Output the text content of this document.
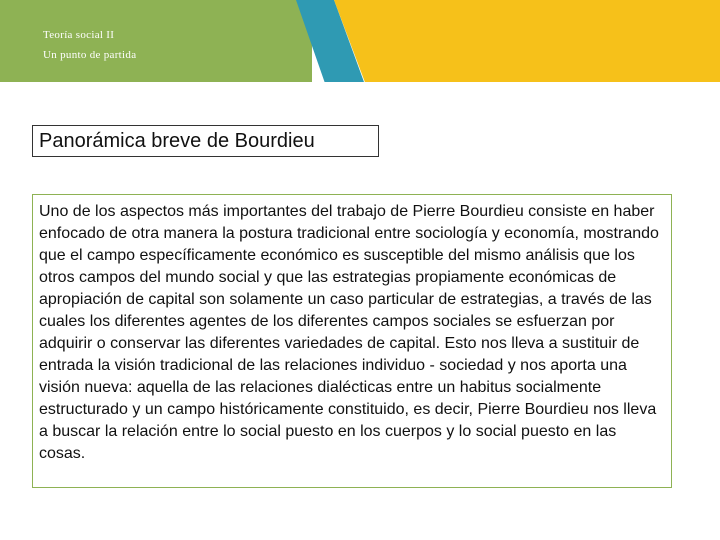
Teoría social II

Un punto de partida

Panorámica breve de Bourdieu

Uno de los aspectos más importantes del trabajo de Pierre Bourdieu consiste en haber enfocado de otra manera la postura tradicional entre sociología y economía, mostrando que el campo específicamente económico es susceptible del mismo análisis que los otros campos del mundo social y que las estrategias propiamente económicas de apropiación de capital son solamente un caso particular de estrategias, a través de las cuales los diferentes agentes de los diferentes campos sociales se esfuerzan por adquirir o conservar las diferentes variedades de capital. Esto nos lleva a sustituir de entrada la visión tradicional de las relaciones individuo - sociedad y nos aporta una visión nueva: aquella de las relaciones dialécticas entre un habitus socialmente estructurado y un campo históricamente constituido, es decir, Pierre Bourdieu nos lleva a buscar la relación entre lo social puesto en los cuerpos y lo social puesto en las cosas.
